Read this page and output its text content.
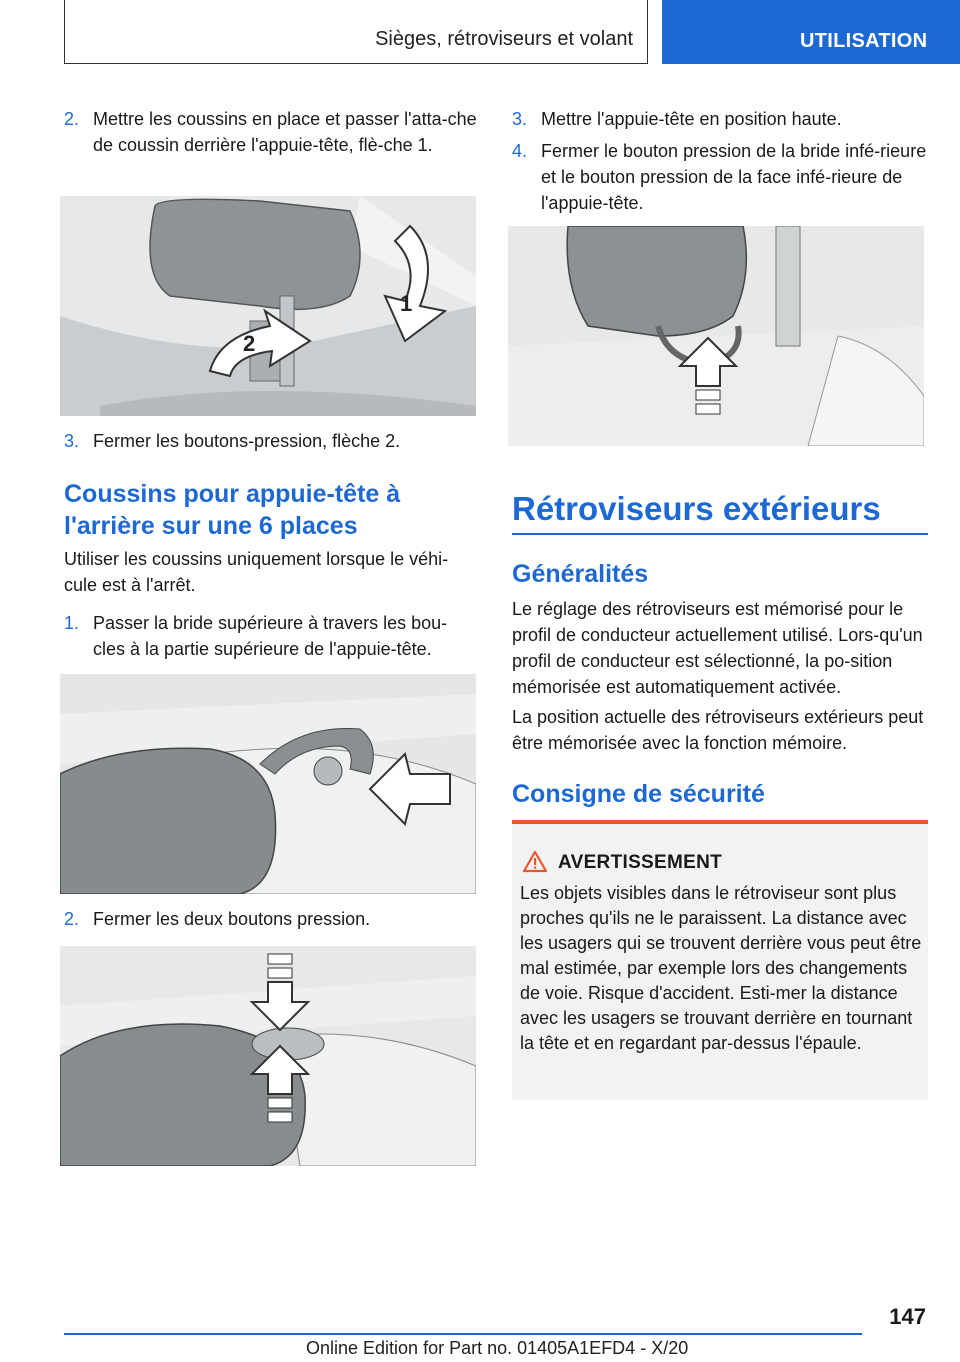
Sièges, rétroviseurs et volant	UTILISATION
2. Mettre les coussins en place et passer l'atta-che de coussin derrière l'appuie-tête, flè-che 1.
1
2
3. Fermer les boutons-pression, flèche 2.
Coussins pour appuie-tête à l'arrière sur une 6 places
Utiliser les coussins uniquement lorsque le véhi-cule est à l'arrêt.
1. Passer la bride supérieure à travers les bou-cles à la partie supérieure de l'appuie-tête.
2. Fermer les deux boutons pression.
3. Mettre l'appuie-tête en position haute.
4. Fermer le bouton pression de la bride infé-rieure et le bouton pression de la face infé-rieure de l'appuie-tête.
Rétroviseurs extérieurs
Généralités
Le réglage des rétroviseurs est mémorisé pour le profil de conducteur actuellement utilisé. Lors-qu'un profil de conducteur est sélectionné, la po-sition mémorisée est automatiquement activée.
La position actuelle des rétroviseurs extérieurs peut être mémorisée avec la fonction mémoire.
Consigne de sécurité
AVERTISSEMENT
Les objets visibles dans le rétroviseur sont plus proches qu'ils ne le paraissent. La distance avec les usagers qui se trouvent derrière vous peut être mal estimée, par exemple lors des changements de voie. Risque d'accident. Esti-mer la distance avec les usagers se trouvant derrière en tournant la tête et en regardant par-dessus l'épaule.
147
Online Edition for Part no. 01405A1EFD4 - X/20
